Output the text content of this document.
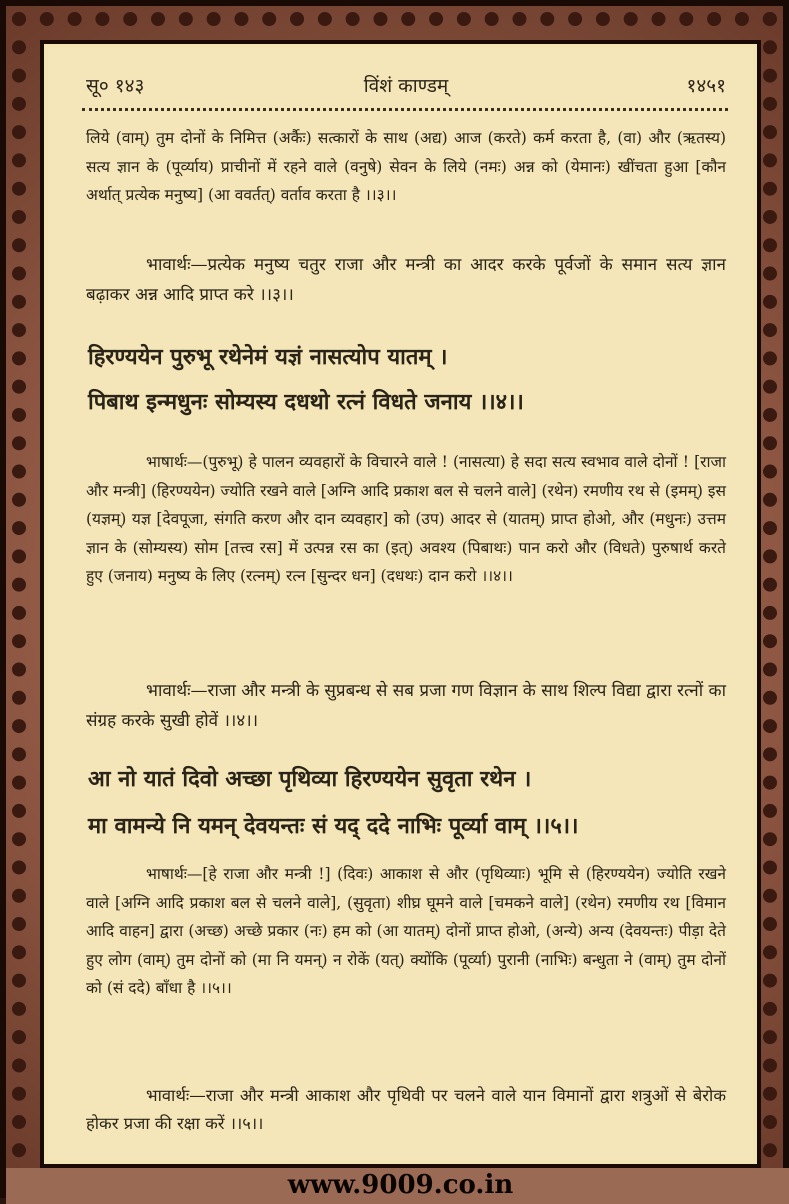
सू० १४३	विंशं काण्डम्	१४५१
लिये (वाम्) तुम दोनों के निमित्त (अर्कैः) सत्कारों के साथ (अद्य) आज (करते) कर्म करता है, (वा) और (ऋतस्य) सत्य ज्ञान के (पूर्व्याय) प्राचीनों में रहने वाले (वनुषे) सेवन के लिये (नमः) अन्न को (येमानः) खींचता हुआ [कौन अर्थात् प्रत्येक मनुष्य] (आ ववर्तत्) वर्ताव करता है ।।३।।
भावार्थः—प्रत्येक मनुष्य चतुर राजा और मन्त्री का आदर करके पूर्वजों के समान सत्य ज्ञान बढ़ाकर अन्न आदि प्राप्त करे ।।३।।
हिरण्ययेन पुरुभू रथेनेमं यज्ञं नासत्योप यातम् ।
पिबाथ इन्मधुनः सोम्यस्य दधथो रत्नं विधते जनाय ।।४।।
भाषार्थः—(पुरुभू) हे पालन व्यवहारों के विचारने वाले ! (नासत्या) हे सदा सत्य स्वभाव वाले दोनों ! [राजा और मन्त्री] (हिरण्ययेन) ज्योति रखने वाले [अग्नि आदि प्रकाश बल से चलने वाले] (रथेन) रमणीय रथ से (इमम्) इस (यज्ञम्) यज्ञ [देवपूजा, संगति करण और दान व्यवहार] को (उप) आदर से (यातम्) प्राप्त होओ, और (मधुनः) उत्तम ज्ञान के (सोम्यस्य) सोम [तत्त्व रस] में उत्पन्न रस का (इत्) अवश्य (पिबाथः) पान करो और (विधते) पुरुषार्थ करते हुए (जनाय) मनुष्य के लिए (रत्नम्) रत्न [सुन्दर धन] (दधथः) दान करो ।।४।।
भावार्थः—राजा और मन्त्री के सुप्रबन्ध से सब प्रजा गण विज्ञान के साथ शिल्प विद्या द्वारा रत्नों का संग्रह करके सुखी होवें ।।४।।
आ नो यातं दिवो अच्छा पृथिव्या हिरण्ययेन सुवृता रथेन ।
मा वामन्ये नि यमन् देवयन्तः सं यद् ददे नाभिः पूर्व्या वाम् ।।५।।
भाषार्थः—[हे राजा और मन्त्री !] (दिवः) आकाश से और (पृथिव्याः) भूमि से (हिरण्ययेन) ज्योति रखने वाले [अग्नि आदि प्रकाश बल से चलने वाले], (सुवृता) शीघ्र घूमने वाले [चमकने वाले] (रथेन) रमणीय रथ [विमान आदि वाहन] द्वारा (अच्छ) अच्छे प्रकार (नः) हम को (आ यातम्) दोनों प्राप्त होओ, (अन्ये) अन्य (देवयन्तः) पीड़ा देते हुए लोग (वाम्) तुम दोनों को (मा नि यमन्) न रोकें (यत्) क्योंकि (पूर्व्या) पुरानी (नाभिः) बन्धुता ने (वाम्) तुम दोनों को (सं ददे) बाँधा है ।।५।।
भावार्थः—राजा और मन्त्री आकाश और पृथिवी पर चलने वाले यान विमानों द्वारा शत्रुओं से बेरोक होकर प्रजा की रक्षा करें ।।५।।
www.9009.co.in
